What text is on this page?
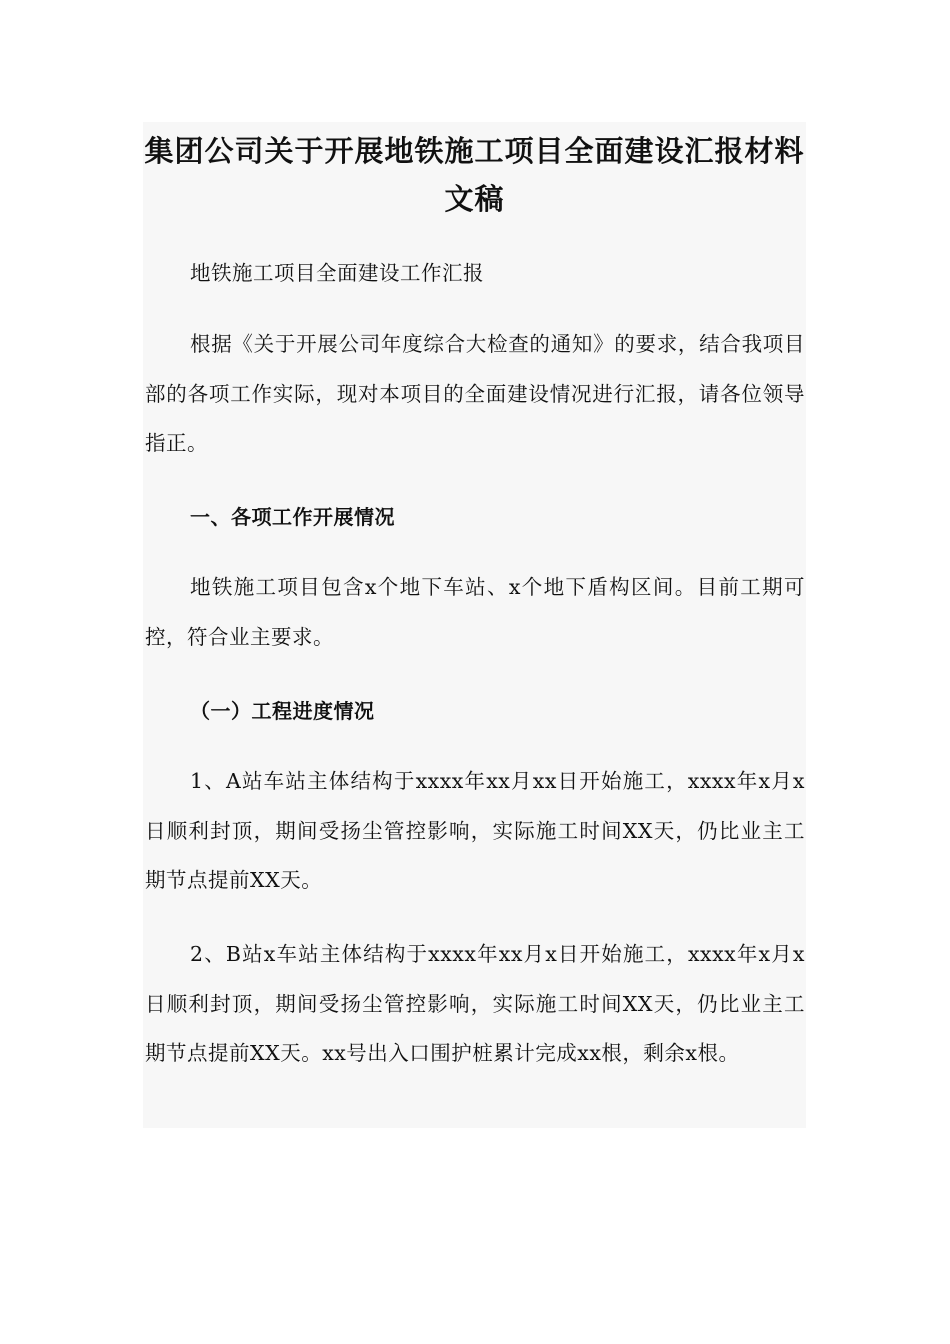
集团公司关于开展地铁施工项目全面建设汇报材料文稿

地铁施工项目全面建设工作汇报

根据《关于开展公司年度综合大检查的通知》的要求，结合我项目部的各项工作实际，现对本项目的全面建设情况进行汇报，请各位领导指正。

一、各项工作开展情况

地铁施工项目包含x个地下车站、x个地下盾构区间。目前工期可控，符合业主要求。

（一）工程进度情况

1、A站车站主体结构于xxxx年xx月xx日开始施工，xxxx年x月x日顺利封顶，期间受扬尘管控影响，实际施工时间XX天，仍比业主工期节点提前XX天。

2、B站x车站主体结构于xxxx年xx月x日开始施工，xxxx年x月x日顺利封顶，期间受扬尘管控影响，实际施工时间XX天，仍比业主工期节点提前XX天。xx号出入口围护桩累计完成xx根，剩余x根。
